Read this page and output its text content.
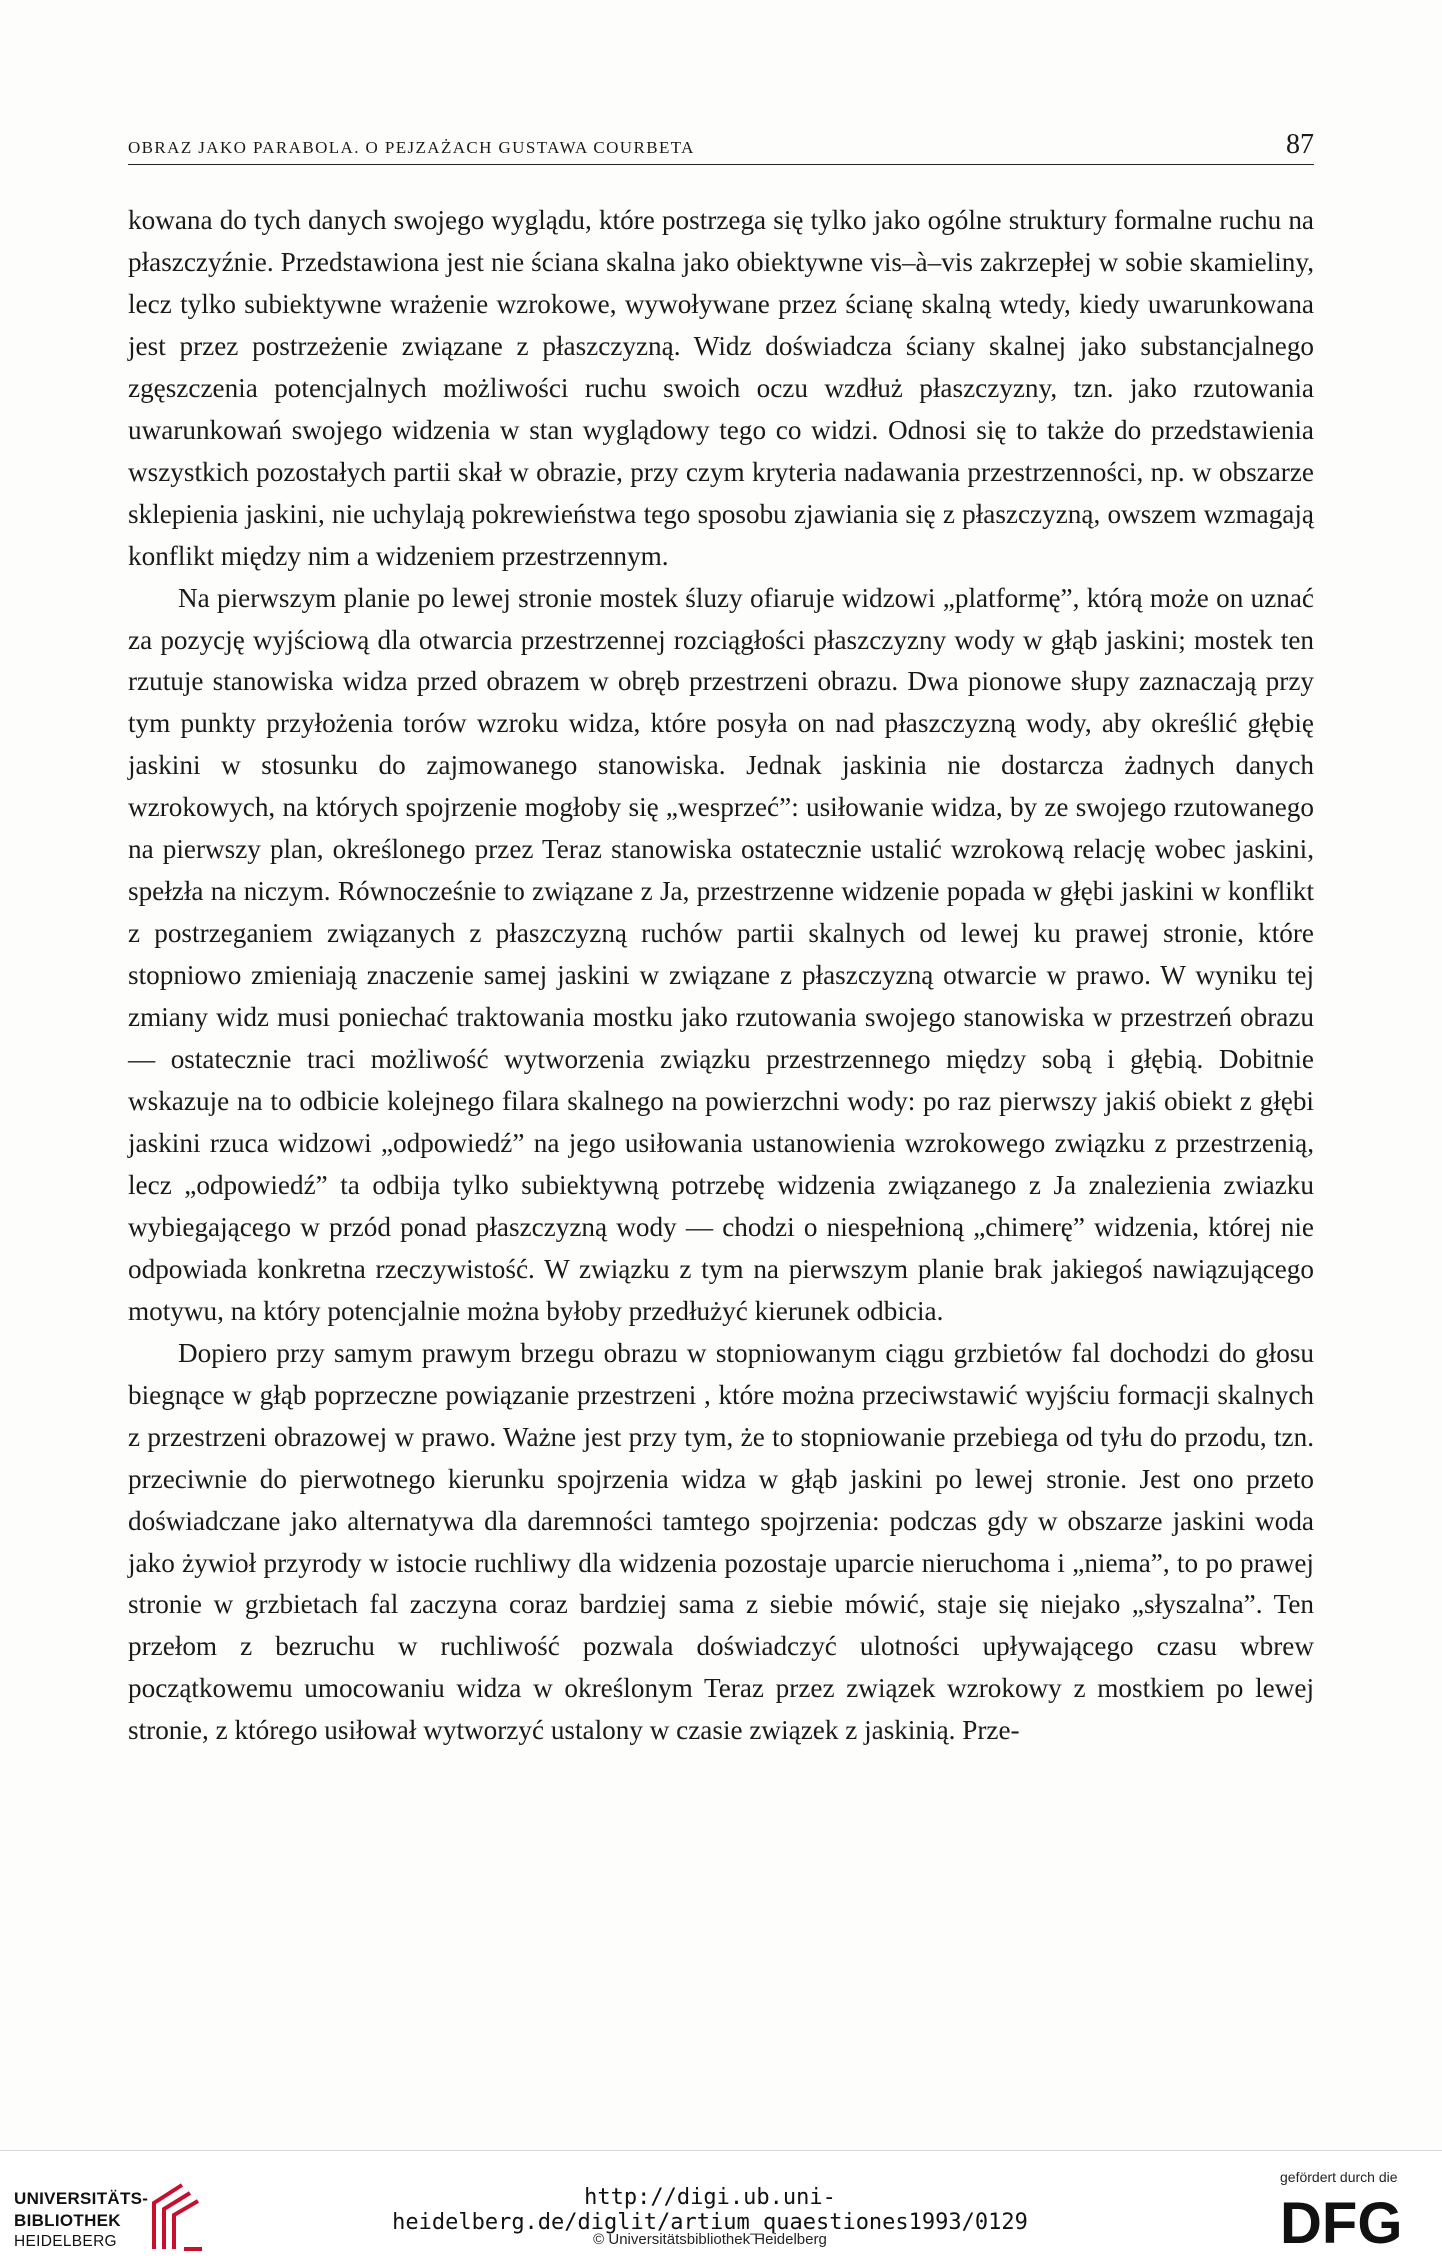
OBRAZ JAKO PARABOLA. O PEJZAŻACH GUSTAWA COURBETA	87

kowana do tych danych swojego wyglądu, które postrzega się tylko jako ogólne struktury formalne ruchu na płaszczyźnie. Przedstawiona jest nie ściana skalna jako obiektywne vis–à–vis zakrzepłej w sobie skamieliny, lecz tylko subiektywne wrażenie wzrokowe, wywoływane przez ścianę skalną wtedy, kiedy uwarunkowana jest przez postrzeżenie związane z płaszczyzną. Widz doświadcza ściany skalnej jako substancjalnego zgęszczenia potencjalnych możliwości ruchu swoich oczu wzdłuż płaszczyzny, tzn. jako rzutowania uwarunkowań swojego widzenia w stan wyglądowy tego co widzi. Odnosi się to także do przedstawienia wszystkich pozostałych partii skał w obrazie, przy czym kryteria nadawania przestrzenności, np. w obszarze sklepienia jaskini, nie uchylają pokrewieństwa tego sposobu zjawiania się z płaszczyzną, owszem wzmagają konflikt między nim a widzeniem przestrzennym.

Na pierwszym planie po lewej stronie mostek śluzy ofiaruje widzowi „platformę”, którą może on uznać za pozycję wyjściową dla otwarcia przestrzennej rozciągłości płaszczyzny wody w głąb jaskini; mostek ten rzutuje stanowiska widza przed obrazem w obręb przestrzeni obrazu. Dwa pionowe słupy zaznaczają przy tym punkty przyłożenia torów wzroku widza, które posyła on nad płaszczyzną wody, aby określić głębię jaskini w stosunku do zajmowanego stanowiska. Jednak jaskinia nie dostarcza żadnych danych wzrokowych, na których spojrzenie mogłoby się „wesprzeć”: usiłowanie widza, by ze swojego rzutowanego na pierwszy plan, określonego przez Teraz stanowiska ostatecznie ustalić wzrokową relację wobec jaskini, spełzła na niczym. Równocześnie to związane z Ja, przestrzenne widzenie popada w głębi jaskini w konflikt z postrzeganiem związanych z płaszczyzną ruchów partii skalnych od lewej ku prawej stronie, które stopniowo zmieniają znaczenie samej jaskini w związane z płaszczyzną otwarcie w prawo. W wyniku tej zmiany widz musi poniechać traktowania mostku jako rzutowania swojego stanowiska w przestrzeń obrazu — ostatecznie traci możliwość wytworzenia związku przestrzennego między sobą i głębią. Dobitnie wskazuje na to odbicie kolejnego filara skalnego na powierzchni wody: po raz pierwszy jakiś obiekt z głębi jaskini rzuca widzowi „odpowiedź” na jego usiłowania ustanowienia wzrokowego związku z przestrzenią, lecz „odpowiedź” ta odbija tylko subiektywną potrzebę widzenia związanego z Ja znalezienia zwiazku wybiegającego w przód ponad płaszczyzną wody — chodzi o niespełnioną „chimerę” widzenia, której nie odpowiada konkretna rzeczywistość. W związku z tym na pierwszym planie brak jakiegoś nawiązującego motywu, na który potencjalnie można byłoby przedłużyć kierunek odbicia.

Dopiero przy samym prawym brzegu obrazu w stopniowanym ciągu grzbietów fal dochodzi do głosu biegnące w głąb poprzeczne powiązanie przestrzeni , które można przeciwstawić wyjściu formacji skalnych z przestrzeni obrazowej w prawo. Ważne jest przy tym, że to stopniowanie przebiega od tyłu do przodu, tzn. przeciwnie do pierwotnego kierunku spojrzenia widza w głąb jaskini po lewej stronie. Jest ono przeto doświadczane jako alternatywa dla daremności tamtego spojrzenia: podczas gdy w obszarze jaskini woda jako żywioł przyrody w istocie ruchliwy dla widzenia pozostaje uparcie nieruchoma i „niema”, to po prawej stronie w grzbietach fal zaczyna coraz bardziej sama z siebie mówić, staje się niejako „słyszalna”. Ten przełom z bezruchu w ruchliwość pozwala doświadczyć ulotności upływającego czasu wbrew początkowemu umocowaniu widza w określonym Teraz przez związek wzrokowy z mostkiem po lewej stronie, z którego usiłował wytworzyć ustalony w czasie związek z jaskinią. Prze-

UNIVERSITÄTS-
BIBLIOTHEK
HEIDELBERG
http://digi.ub.uni-heidelberg.de/diglit/artium_quaestiones1993/0129
© Universitätsbibliothek Heidelberg
gefördert durch die
DFG
